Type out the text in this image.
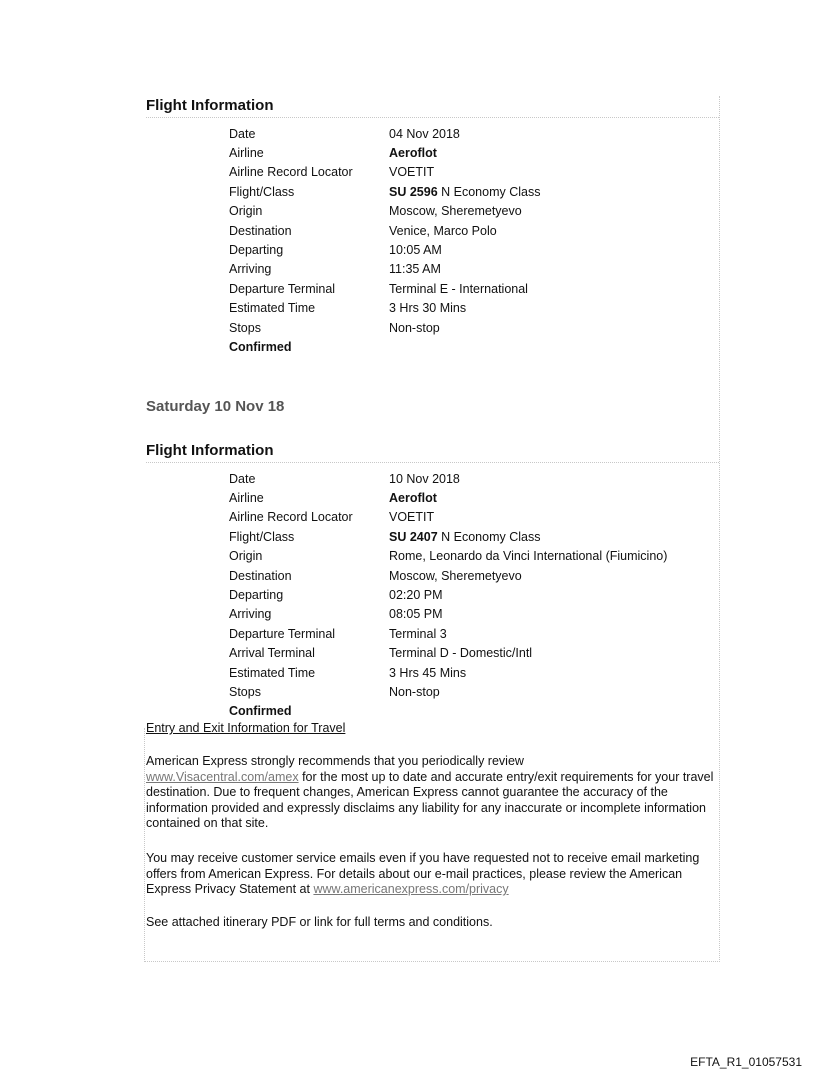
Flight Information
Date	04 Nov 2018
Airline	Aeroflot
Airline Record Locator	VOETIT
Flight/Class	SU 2596 N Economy Class
Origin	Moscow, Sheremetyevo
Destination	Venice, Marco Polo
Departing	10:05 AM
Arriving	11:35 AM
Departure Terminal	Terminal E - International
Estimated Time	3 Hrs 30 Mins
Stops	Non-stop
Confirmed
Saturday 10 Nov 18
Flight Information
Date	10 Nov 2018
Airline	Aeroflot
Airline Record Locator	VOETIT
Flight/Class	SU 2407 N Economy Class
Origin	Rome, Leonardo da Vinci International (Fiumicino)
Destination	Moscow, Sheremetyevo
Departing	02:20 PM
Arriving	08:05 PM
Departure Terminal	Terminal 3
Arrival Terminal	Terminal D - Domestic/Intl
Estimated Time	3 Hrs 45 Mins
Stops	Non-stop
Confirmed
Entry and Exit Information for Travel

American Express strongly recommends that you periodically review
www.Visacentral.com/amex for the most up to date and accurate entry/exit requirements for your travel destination. Due to frequent changes, American Express cannot guarantee the accuracy of the information provided and expressly disclaims any liability for any inaccurate or incomplete information contained on that site.

You may receive customer service emails even if you have requested not to receive email marketing offers from American Express. For details about our e-mail practices, please review the American Express Privacy Statement at www.americanexpress.com/privacy

See attached itinerary PDF or link for full terms and conditions.

EFTA_R1_01057531
